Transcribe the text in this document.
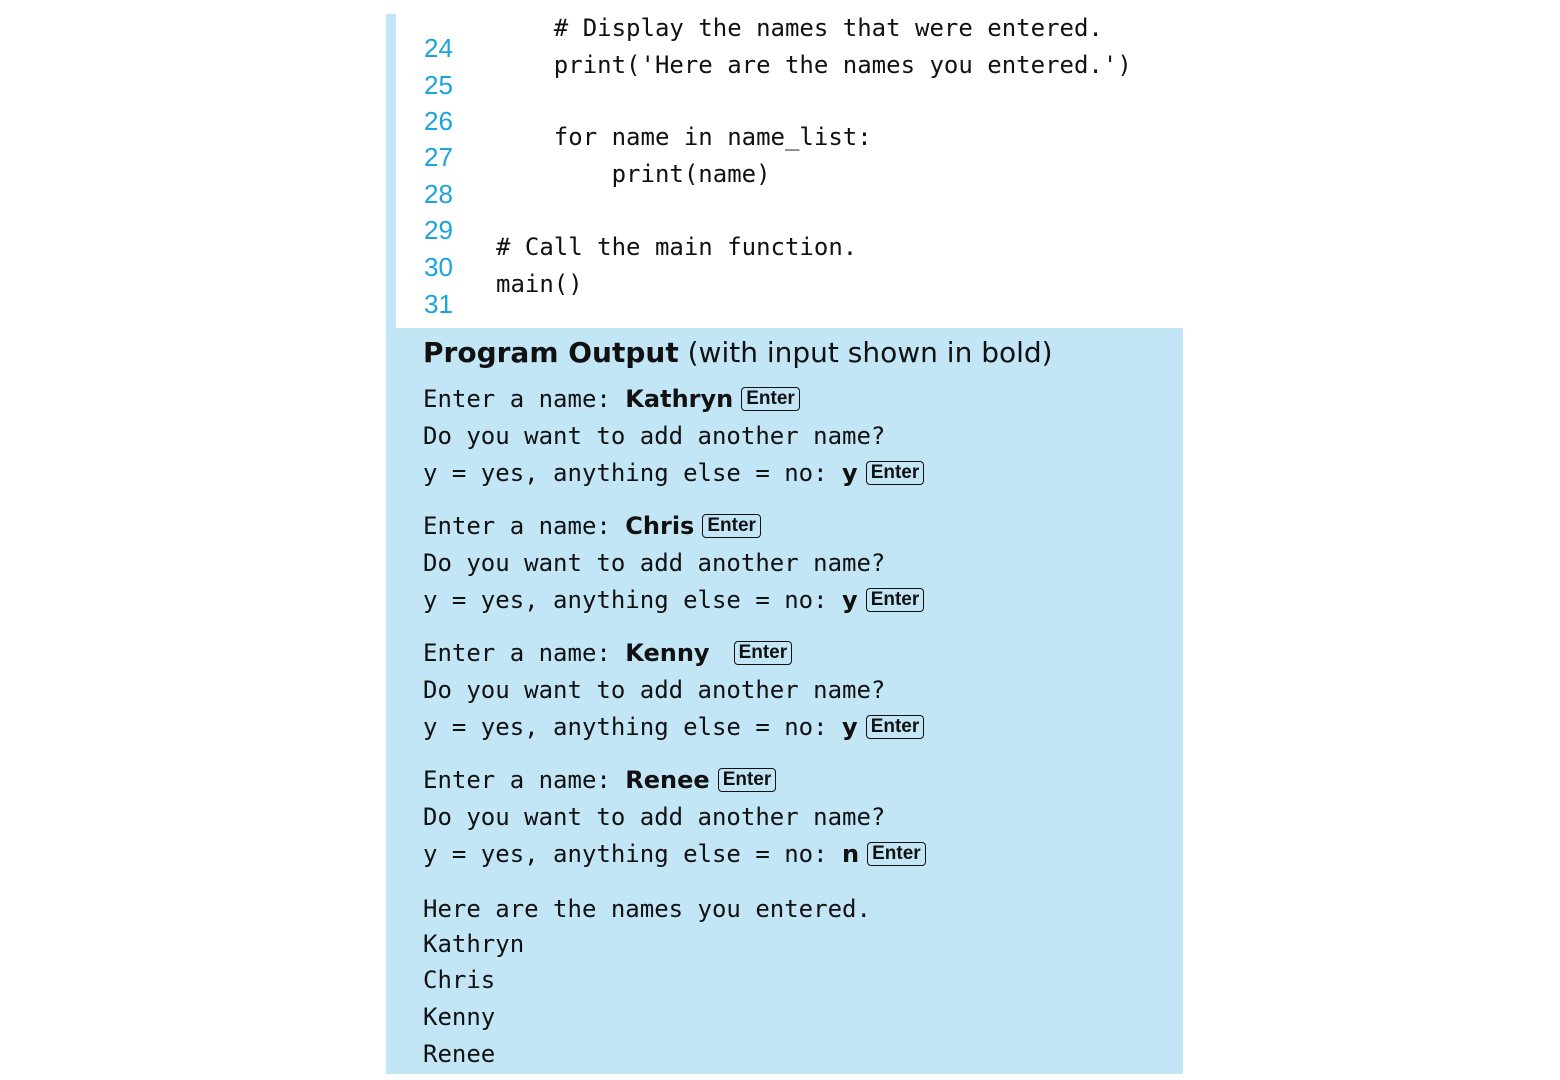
24

# Display the names that were entered.

25

print('Here are the names you entered.')

26

27

for name in name_list:

28

print(name)

29

30

# Call the main function.

31

main()

Program Output (with input shown in bold)
Enter a name: Kathryn Enter
Do you want to add another name?
y = yes, anything else = no: y Enter
Enter a name: Chris Enter
Do you want to add another name?
y = yes, anything else = no: y Enter
Enter a name: Kenny Enter
Do you want to add another name?
y = yes, anything else = no: y Enter
Enter a name: Renee Enter
Do you want to add another name?
y = yes, anything else = no: n Enter
Here are the names you entered.
Kathryn
Chris
Kenny
Renee
